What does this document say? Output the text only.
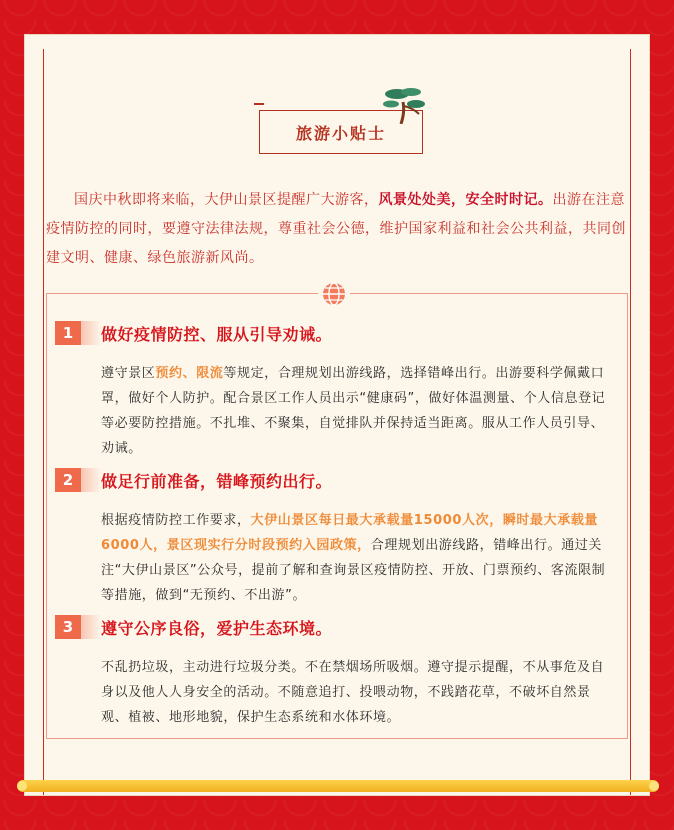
旅游小贴士
国庆中秋即将来临，大伊山景区提醒广大游客，风景处处美，安全时时记。出游在注意疫情防控的同时，要遵守法律法规，尊重社会公德，维护国家利益和社会公共利益，共同创建文明、健康、绿色旅游新风尚。
1	做好疫情防控、服从引导劝诫。
遵守景区预约、限流等规定，合理规划出游线路，选择错峰出行。出游要科学佩戴口罩，做好个人防护。配合景区工作人员出示“健康码”，做好体温测量、个人信息登记等必要防控措施。不扎堆、不聚集，自觉排队并保持适当距离。服从工作人员引导、劝诫。
2	做足行前准备，错峰预约出行。
根据疫情防控工作要求，大伊山景区每日最大承载量15000人次，瞬时最大承载量6000人，景区现实行分时段预约入园政策，合理规划出游线路，错峰出行。通过关注“大伊山景区”公众号，提前了解和查询景区疫情防控、开放、门票预约、客流限制等措施，做到“无预约、不出游”。
3	遵守公序良俗，爱护生态环境。
不乱扔垃圾，主动进行垃圾分类。不在禁烟场所吸烟。遵守提示提醒，不从事危及自身以及他人人身安全的活动。不随意追打、投喂动物，不践踏花草，不破坏自然景观、植被、地形地貌，保护生态系统和水体环境。
